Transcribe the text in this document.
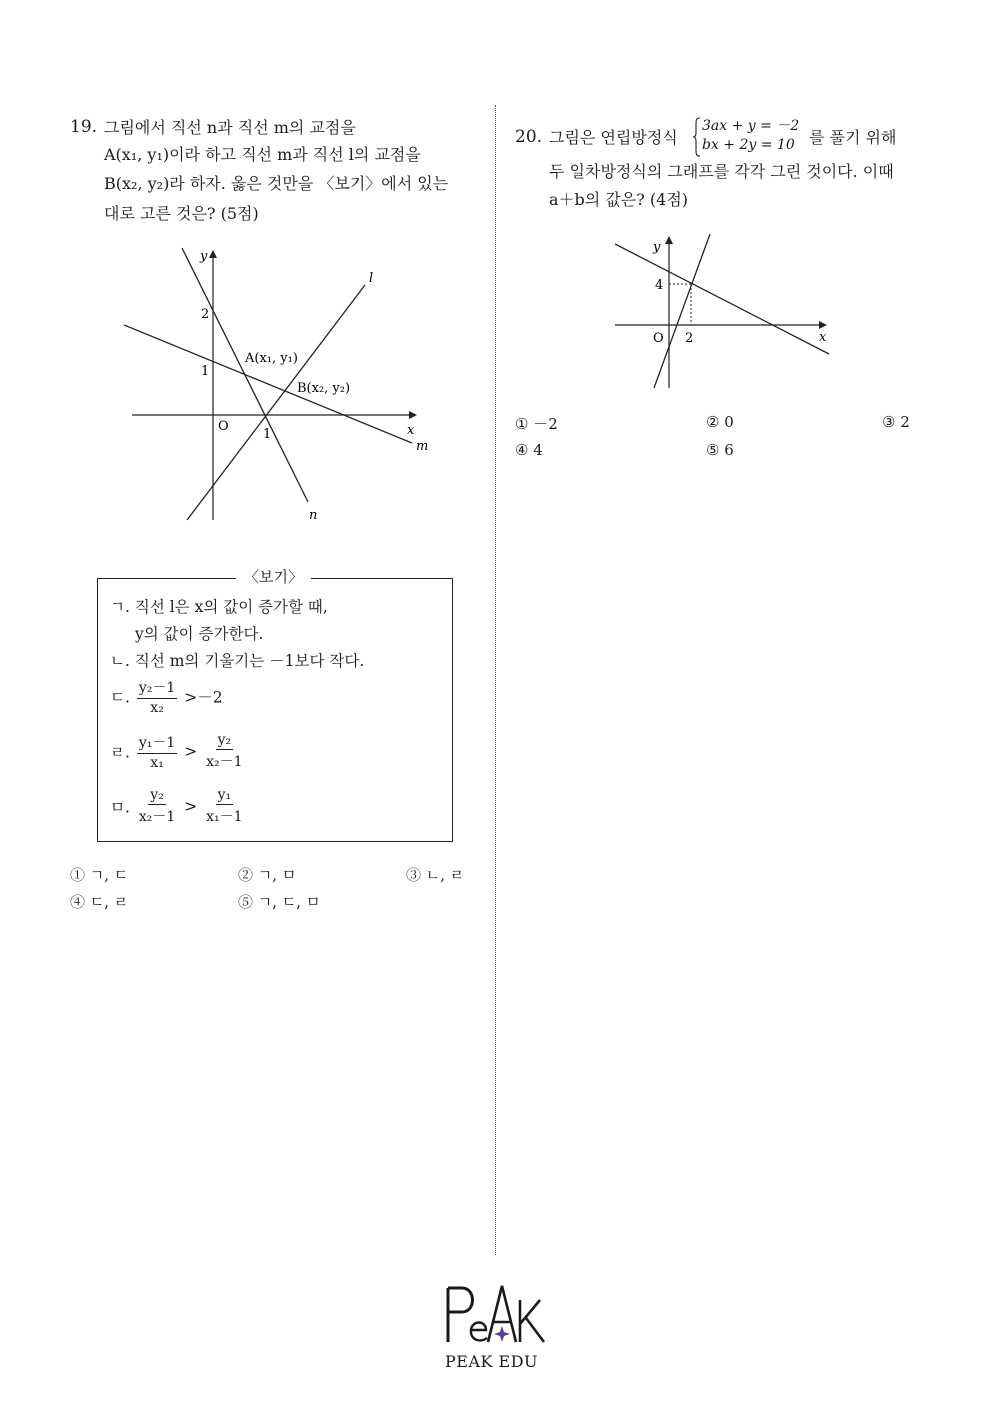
19. 그림에서 직선 n과 직선 m의 교점을
A(x₁, y₁)이라 하고 직선 m과 직선 l의 교점을
B(x₂, y₂)라 하자. 옳은 것만을 〈보기〉에서 있는
대로 고른 것은? (5점)
y
x
O
2
1
1
l
m
n
A(x₁, y₁)
B(x₂, y₂)
〈보기〉
ㄱ. 직선 l은 x의 값이 증가할 때,
y의 값이 증가한다.
ㄴ. 직선 m의 기울기는 －1보다 작다.
ㄷ. $\frac{\text{y₂－1}}{\text{x₂}} >-2$
ㄹ. $\frac{\text{y₁－1}}{\text{x₁}} > \frac{\text{y₂}}{\text{x₂－1}}$
ㅁ. $\frac{\text{y₂}}{\text{x₂－1}} > \frac{\text{y₁}}{\text{x₁－1}}$
① ㄱ, ㄷ	② ㄱ, ㅁ	③ ㄴ, ㄹ
④ ㄷ, ㄹ	⑤ ㄱ, ㄷ, ㅁ
20. 그림은 연립방정식
3ax + y = －2
bx + 2y = 10 를 풀기 위해
두 일차방정식의 그래프를 각각 그린 것이다. 이때
a＋b의 값은? (4점)
y
x
O
4
2
① －2	② 0	③ 2
④ 4	⑤ 6
PEAK EDU
